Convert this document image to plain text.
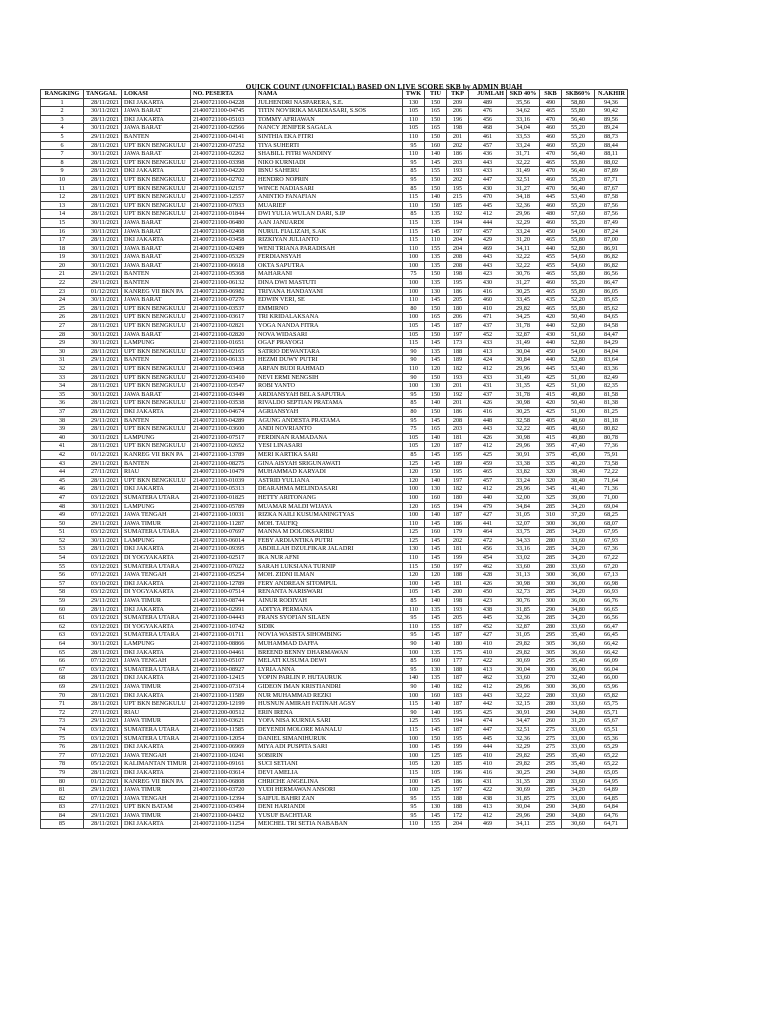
QUICK COUNT (UNOFFICIAL) BASED ON LIVE SCORE SKB by ADMIN BUAH
RANGKING	TANGGAL	LOKASI	NO. PESERTA	NAMA	TWK	TIU	TKP	JUMLAH	SKD 40%	SKB	SKB60%	N.AKHIR
1	28/11/2021	DKI JAKARTA	21400721100-04228	JULHENDRI NASPARERA, S.E.	130	150	209	489	35,56	490	58,80	94,36
2	30/11/2021	JAWA BARAT	21400721100-04745	TITIN NOVIRIKA MARDIASARI, S.SOS	105	165	206	476	34,62	465	55,80	90,42
3	28/11/2021	DKI JAKARTA	21400721100-05103	TOMMY AFRIAWAN	110	150	196	456	33,16	470	56,40	89,56
4	30/11/2021	JAWA BARAT	21400721100-02566	NANCY JENIFER SAGALA	105	165	198	468	34,04	460	55,20	89,24
5	29/11/2021	BANTEN	21400721100-04141	SINTHIA EKA FITRI	110	150	201	461	33,53	460	55,20	88,73
6	28/11/2021	UPT BKN BENGKULU	21400721200-07252	TIYA SUHERTI	95	160	202	457	33,24	460	55,20	88,44
7	30/11/2021	JAWA BARAT	21400721100-02262	SHABILL FITRI WANDINY	110	140	186	436	31,71	470	56,40	88,11
8	28/11/2021	UPT BKN BENGKULU	21400721100-03398	NIKO KURNIADI	95	145	203	443	32,22	465	55,80	88,02
9	28/11/2021	DKI JAKARTA	21400721100-04220	IBNU SAHERU	85	155	193	433	31,49	470	56,40	87,89
10	28/11/2021	UPT BKN BENGKULU	21400721100-02702	HENDRO NOPRIN	95	150	202	447	32,51	460	55,20	87,71
11	28/11/2021	UPT BKN BENGKULU	21400721100-02157	WINCE NADIASARI	85	150	195	430	31,27	470	56,40	87,67
12	28/11/2021	UPT BKN BENGKULU	21400721100-12557	ANINTIO FANAFIAN	115	140	215	470	34,18	445	53,40	87,58
13	28/11/2021	UPT BKN BENGKULU	21400721100-07933	MUARIEF	110	150	185	445	32,36	460	55,20	87,56
14	28/11/2021	UPT BKN BENGKULU	21400721100-01844	DWI YULIA WULAN DARI, S.IP	85	135	192	412	29,96	480	57,60	87,56
15	30/11/2021	JAWA BARAT	21400721100-06480	AAN JANUARDI	115	135	194	444	32,29	460	55,20	87,49
16	30/11/2021	JAWA BARAT	21400721100-02408	NURUL FIALIZAH, S.AK	115	145	197	457	33,24	450	54,00	87,24
17	28/11/2021	DKI JAKARTA	21400721100-03458	RIZKIYAN JULIANTO	115	110	204	429	31,20	465	55,80	87,00
18	30/11/2021	JAWA BARAT	21400721100-02489	WENI TRIANA PARADISAH	110	155	204	469	34,11	440	52,80	86,91
19	30/11/2021	JAWA BARAT	21400721100-05329	FERDIANSYAH	100	135	208	443	32,22	455	54,60	86,82
20	30/11/2021	JAWA BARAT	21400721100-06618	OKTA SAPUTRA	100	135	208	443	32,22	455	54,60	86,82
21	29/11/2021	BANTEN	21400721100-05368	MAHARANI	75	150	198	423	30,76	465	55,80	86,56
22	29/11/2021	BANTEN	21400721100-06132	DINA DWI MASTUTI	100	135	195	430	31,27	460	55,20	86,47
23	01/12/2021	KANREG VII BKN PA	21400721200-06982	TRIYANA HANDAYANI	100	130	186	416	30,25	465	55,80	86,05
24	30/11/2021	JAWA BARAT	21400721100-07276	EDWIN VERI, SE	110	145	205	460	33,45	435	52,20	85,65
25	28/11/2021	UPT BKN BENGKULU	21400721100-03537	EMMIRNO	80	150	180	410	29,82	465	55,80	85,62
26	28/11/2021	UPT BKN BENGKULU	21400721100-03617	TRI KRIDALAKSANA	100	165	206	471	34,25	420	50,40	84,65
27	28/11/2021	UPT BKN BENGKULU	21400721100-02821	YOGA NANDA FITRA	105	145	187	437	31,78	440	52,80	84,58
28	30/11/2021	JAWA BARAT	21400721100-02820	NOVA WIDASARI	105	150	197	452	32,87	430	51,60	84,47
29	30/11/2021	LAMPUNG	21400721100-01651	OGAF PRAYOGI	115	145	173	433	31,49	440	52,80	84,29
30	28/11/2021	UPT BKN BENGKULU	21400721100-02165	SATRIO DEWANTARA	90	135	188	413	30,04	450	54,00	84,04
31	29/11/2021	BANTEN	21400721100-06133	HEZMI DUWY PUTRI	90	145	189	424	30,84	440	52,80	83,64
32	28/11/2021	UPT BKN BENGKULU	21400721100-03468	ARFAN BUDI RAHMAD	110	120	182	412	29,96	445	53,40	83,36
33	28/11/2021	UPT BKN BENGKULU	21400721200-03410	NEVI ERMI NENGSIH	90	150	193	433	31,49	425	51,00	82,49
34	28/11/2021	UPT BKN BENGKULU	21400721100-03547	ROBI YANTO	100	130	201	431	31,35	425	51,00	82,35
35	30/11/2021	JAWA BARAT	21400721100-03449	ARDIANSYAH BELA SAPUTRA	95	150	192	437	31,78	415	49,80	81,58
36	28/11/2021	UPT BKN BENGKULU	21400721100-03538	RIVALDO SEPTIAN PRATAMA	85	140	201	426	30,98	420	50,40	81,38
37	28/11/2021	DKI JAKARTA	21400721100-04674	AGRIANSYAH	80	150	186	416	30,25	425	51,00	81,25
38	29/11/2021	BANTEN	21400721100-04289	AGUNG ANDESTA PRATAMA	95	145	208	448	32,58	405	48,60	81,18
39	28/11/2021	UPT BKN BENGKULU	21400721100-03600	ANDI NOVRIANTO	75	165	203	443	32,22	405	48,60	80,82
40	30/11/2021	LAMPUNG	21400721100-07517	FERDINAN RAMADANA	105	140	181	426	30,98	415	49,80	80,78
41	28/11/2021	UPT BKN BENGKULU	21400721100-02652	YESI LINASARI	105	120	187	412	29,96	395	47,40	77,36
42	01/12/2021	KANREG VII BKN PA	21400721100-13789	MERI KARTIKA SARI	85	145	195	425	30,91	375	45,00	75,91
43	29/11/2021	BANTEN	21400721100-08275	GINA AISYAH SRIGUNAWATI	125	145	189	459	33,38	335	40,20	73,58
44	27/11/2021	RIAU	21400721100-10479	MUHAMMAD KARYADI	120	150	195	465	33,82	320	38,40	72,22
45	28/11/2021	UPT BKN BENGKULU	21400721100-01039	ASTRID YULIANA	120	140	197	457	33,24	320	38,40	71,64
46	28/11/2021	DKI JAKARTA	21400721100-05313	DEARAHMA MELINDASARI	100	130	182	412	29,96	345	41,40	71,36
47	03/12/2021	SUMATERA UTARA	21400721100-01825	HETTY ARITONANG	100	160	180	440	32,00	325	39,00	71,00
48	30/11/2021	LAMPUNG	21400721100-05789	MUAMAR MALDI WIJAYA	120	165	194	479	34,84	285	34,20	69,04
49	07/12/2021	JAWA TENGAH	21400721100-10031	RIZKA NAILI KUSUMANINGTYAS	100	140	187	427	31,05	310	37,20	68,25
50	29/11/2021	JAWA TIMUR	21400721100-11287	MOH. TAUFIQ	110	145	186	441	32,07	300	36,00	68,07
51	03/12/2021	SUMATERA UTARA	21400721100-07697	MANNA M DOLOKSARIBU	125	160	179	464	33,75	285	34,20	67,95
52	30/11/2021	LAMPUNG	21400721100-06014	FEBY ARDIANTIKA PUTRI	125	145	202	472	34,33	280	33,60	67,93
53	28/11/2021	DKI JAKARTA	21400721100-09395	ABDILLAH DZULFIKAR JALADRI	130	145	181	456	33,16	285	34,20	67,36
54	03/12/2021	DI YOGYAKARTA	21400721100-02517	IKA NUR AFNI	110	145	199	454	33,02	285	34,20	67,22
55	03/12/2021	SUMATERA UTARA	21400721100-07022	SARAH LUKSIANA TURNIP	115	150	197	462	33,60	280	33,60	67,20
56	07/12/2021	JAWA TENGAH	21400721100-05254	MOH. ZIDNI ILMAN	120	120	188	428	31,13	300	36,00	67,13
57	03/10/2021	DKI JAKARTA	21400721100-12789	FERY ANDREAN SITOMPUL	100	145	181	426	30,98	300	36,00	66,98
58	03/12/2021	DI YOGYAKARTA	21400721100-07514	RENANTA NARISWARI	105	145	200	450	32,73	285	34,20	66,93
59	29/11/2021	JAWA TIMUR	21400721100-08744	AINUR RODIYAH	85	140	198	423	30,76	300	36,00	66,76
60	28/11/2021	DKI JAKARTA	21400721100-02991	ADITYA PERMANA	110	135	193	438	31,85	290	34,80	66,65
61	03/12/2021	SUMATERA UTARA	21400721100-04443	FRANS SYOFIAN SILAEN	95	145	205	445	32,36	285	34,20	66,56
62	03/12/2021	DI YOGYAKARTA	21400721100-10742	SIDIK	110	155	187	452	32,87	280	33,60	66,47
63	03/12/2021	SUMATERA UTARA	21400721100-01711	NOVIA WASISTA SIHOMBING	95	145	187	427	31,05	295	35,40	66,45
64	30/11/2021	LAMPUNG	21400721100-08866	MUHAMMAD DAFFA	90	140	180	410	29,82	305	36,60	66,42
65	28/11/2021	DKI JAKARTA	21400721100-04461	BREEND BENNY DHARMAWAN	100	135	175	410	29,82	305	36,60	66,42
66	07/12/2021	JAWA TENGAH	21400721100-05107	MELATI KUSUMA DEWI	85	160	177	422	30,69	295	35,40	66,09
67	03/12/2021	SUMATERA UTARA	21400721100-08927	LYRIA ANNA	95	130	188	413	30,04	300	36,00	66,04
68	28/11/2021	DKI JAKARTA	21400721100-12415	YOPIN PARLIN P. HUTAURUK	140	135	187	462	33,60	270	32,40	66,00
69	29/11/2021	JAWA TIMUR	21400721100-07314	GIDEON IMAN KRISTIANDRI	90	140	182	412	29,96	300	36,00	65,96
70	28/11/2021	DKI JAKARTA	21400721100-11589	NUR MUHAMMAD REZKI	100	160	183	443	32,22	280	33,60	65,82
71	28/11/2021	UPT BKN BENGKULU	21400721200-12199	HUSNUN AMIRAH FATINAH AGSY	115	140	187	442	32,15	280	33,60	65,75
72	27/11/2021	RIAU	21400721200-00512	ERIN IRENA	90	140	195	425	30,91	290	34,80	65,71
73	29/11/2021	JAWA TIMUR	21400721100-03621	YOFA NISA KURNIA SARI	125	155	194	474	34,47	260	31,20	65,67
74	03/12/2021	SUMATERA UTARA	21400721100-11585	DEYENDI MOLORE MANALU	115	145	187	447	32,51	275	33,00	65,51
75	03/12/2021	SUMATERA UTARA	21400721100-12054	DANIEL SIMANIHURUK	100	150	195	445	32,36	275	33,00	65,36
76	28/11/2021	DKI JAKARTA	21400721100-06969	MIYA ADI PUSPITA SARI	100	145	199	444	32,29	275	33,00	65,29
77	07/12/2021	JAWA TENGAH	21400721100-10241	SOBIRIN	100	125	185	410	29,82	295	35,40	65,22
78	05/12/2021	KALIMANTAN TIMUR	21400721100-09161	SUCI SETIANI	105	120	185	410	29,82	295	35,40	65,22
79	28/11/2021	DKI JAKARTA	21400721100-03614	DEVI AMELIA	115	105	196	416	30,25	290	34,80	65,05
80	01/12/2021	KANREG VII BKN PA	21400721100-06808	CHRICHE ANGELINA	100	145	186	431	31,35	280	33,60	64,95
81	29/11/2021	JAWA TIMUR	21400721100-03720	YUDI HERMAWAN ANSORI	100	125	197	422	30,69	285	34,20	64,89
82	07/12/2021	JAWA TENGAH	21400721100-12394	SAIFUL BAHRI ZAN	95	155	188	438	31,85	275	33,00	64,85
83	27/11/2021	UPT BKN BATAM	21400721100-03494	DENI HARIANDI	95	130	188	413	30,04	290	34,80	64,84
84	29/11/2021	JAWA TIMUR	21400721100-04432	YUSUF BACHTIAR	95	145	172	412	29,96	290	34,80	64,76
85	28/11/2021	DKI JAKARTA	21400721100-11254	MEICHEL TRI SETIA NABABAN	110	155	204	469	34,11	255	30,60	64,71
